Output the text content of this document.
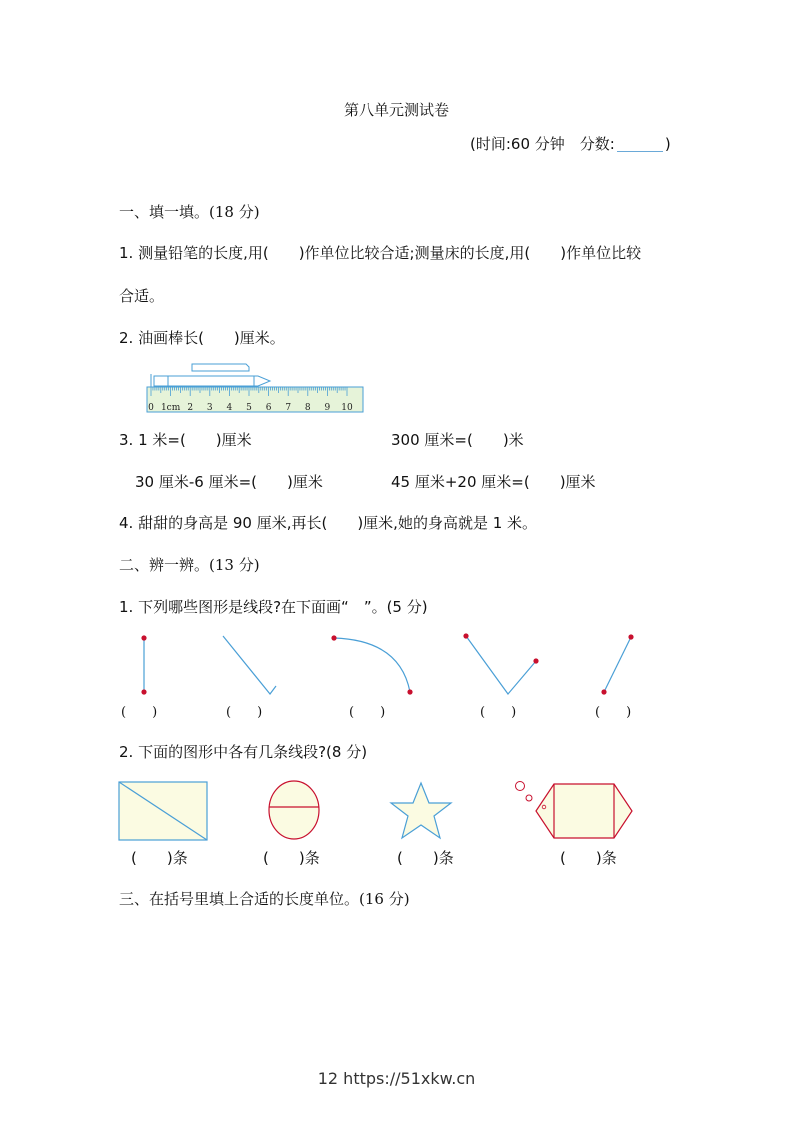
第八单元测试卷
(时间:60 分钟　分数:	)
一、填一填。(18 分)
1. 测量铅笔的长度,用(　　)作单位比较合适;测量床的长度,用(　　)作单位比较
合适。
2. 油画棒长(　　)厘米。
0 1cm 2 3 4 5 6 7 8 9 10
3. 1 米=(　　)厘米	300 厘米=(　　)米
30 厘米-6 厘米=(　　)厘米	45 厘米+20 厘米=(　　)厘米
4. 甜甜的身高是 90 厘米,再长(　　)厘米,她的身高就是 1 米。
二、辨一辨。(13 分)
1. 下列哪些图形是线段?在下面画“　”。(5 分)
(　　)	(　　)	(　　)	(　　)	(　　)
2. 下面的图形中各有几条线段?(8 分)
(　　)条	(　　)条	(　　)条	(　　)条
三、在括号里填上合适的长度单位。(16 分)
12 https://51xkw.cn
